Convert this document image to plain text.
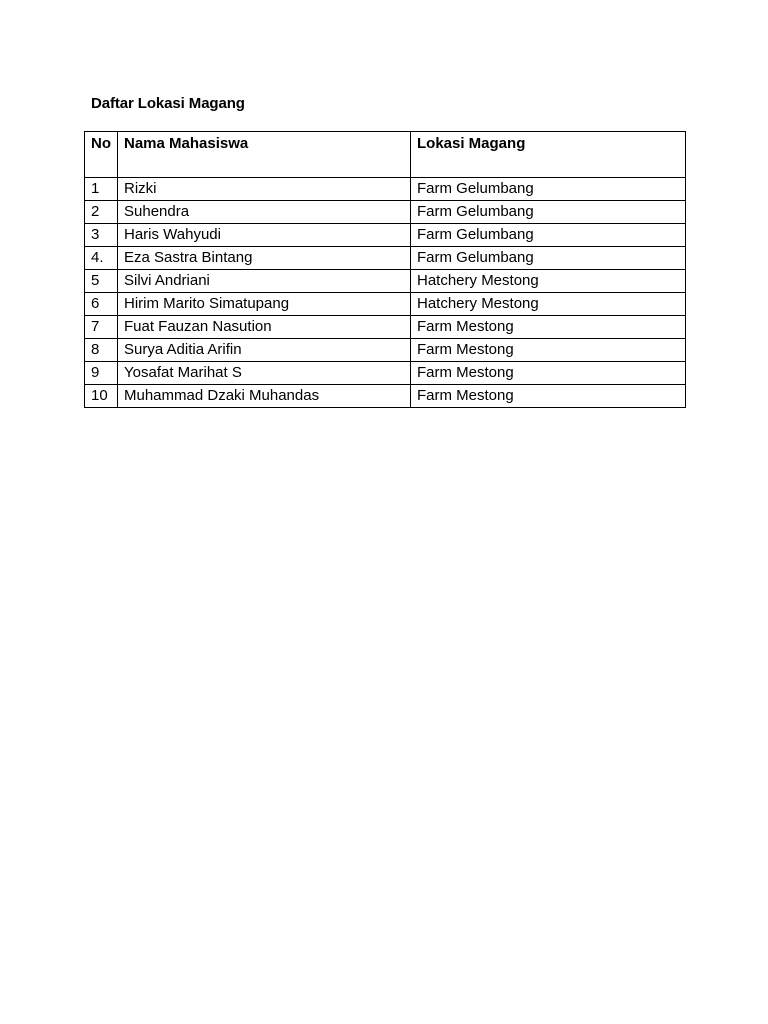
Daftar Lokasi Magang
No	Nama Mahasiswa	Lokasi Magang
1	Rizki	Farm Gelumbang
2	Suhendra	Farm Gelumbang
3	Haris Wahyudi	Farm Gelumbang
4.	Eza Sastra Bintang	Farm Gelumbang
5	Silvi Andriani	Hatchery Mestong
6	Hirim Marito Simatupang	Hatchery Mestong
7	Fuat Fauzan Nasution	Farm Mestong
8	Surya Aditia Arifin	Farm Mestong
9	Yosafat Marihat S	Farm Mestong
10	Muhammad Dzaki Muhandas	Farm Mestong
